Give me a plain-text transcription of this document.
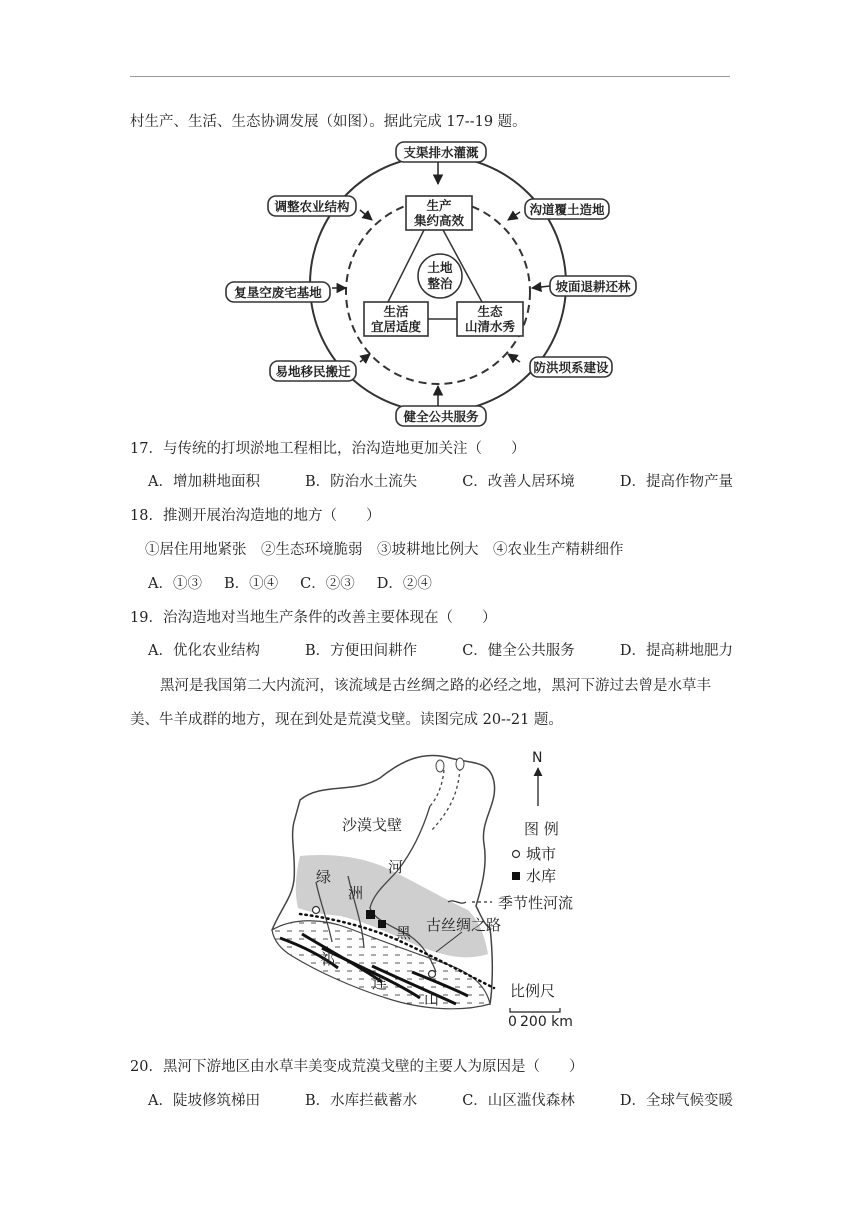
村生产、生活、生态协调发展（如图）。据此完成 17--19 题。
土地
整治
生产
集约高效
生活
宜居适度
生态
山清水秀
支渠排水灌溉
沟道覆土造地
坡面退耕还林
防洪坝系建设
健全公共服务
易地移民搬迁
复垦空废宅基地
调整农业结构
17．与传统的打坝淤地工程相比，治沟造地更加关注（　　）
A．增加耕地面积	B．防治水土流失	C．改善人居环境	D．提高作物产量
18．推测开展治沟造地的地方（　　）
①居住用地紧张　②生态环境脆弱　③坡耕地比例大　④农业生产精耕细作
A．①③ B．①④ C．②③ D．②④
19．治沟造地对当地生产条件的改善主要体现在（　　）
A．优化农业结构	B．方便田间耕作	C．健全公共服务	D．提高耕地肥力
黑河是我国第二大内流河，该流域是古丝绸之路的必经之地，黑河下游过去曾是水草丰
美、牛羊成群的地方，现在到处是荒漠戈壁。读图完成 20--21 题。
沙漠戈壁
绿
洲
河
黑
祁
连
山
古丝绸之路
N
图 例
城市
水库
季节性河流
比例尺
0 200 km
20．黑河下游地区由水草丰美变成荒漠戈壁的主要人为原因是（　　）
A．陡坡修筑梯田	B．水库拦截蓄水	C．山区滥伐森林	D．全球气候变暖
